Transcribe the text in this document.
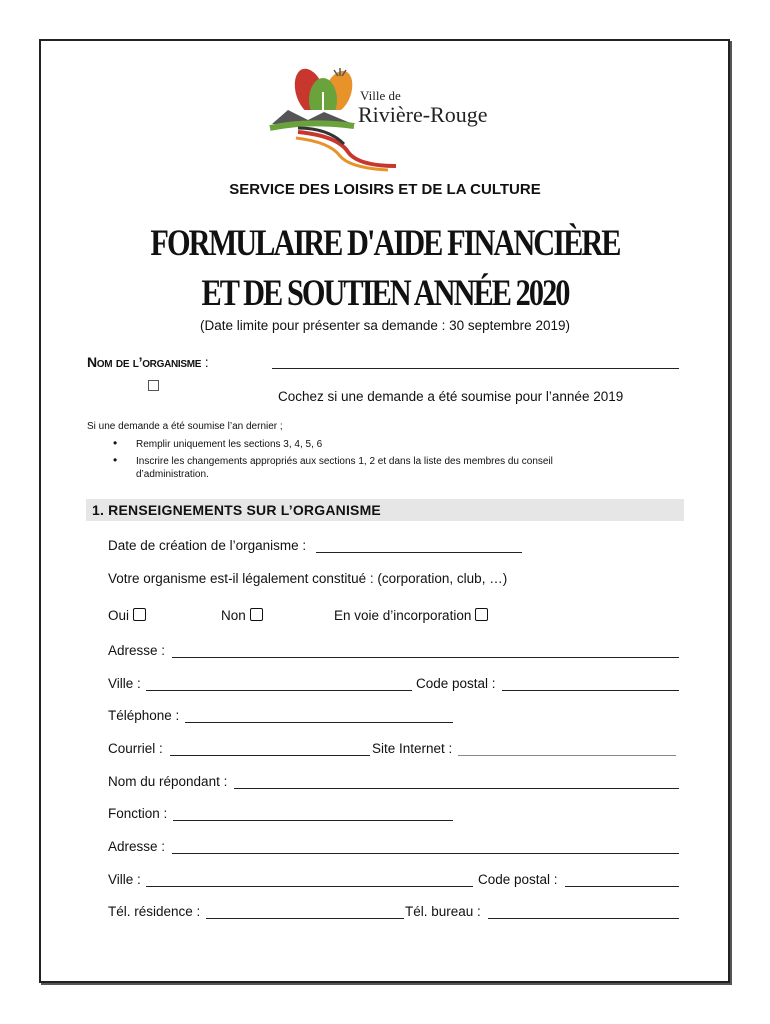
Ville de
Rivière-Rouge
SERVICE DES LOISIRS ET DE LA CULTURE
FORMULAIRE D'AIDE FINANCIÈRE
ET DE SOUTIEN ANNÉE 2020
(Date limite pour présenter sa demande : 30 septembre 2019)
Nom de l’organisme :
Cochez si une demande a été soumise pour l’année 2019
Si une demande a été soumise l’an dernier ;
• Remplir uniquement les sections 3, 4, 5, 6
• Inscrire les changements appropriés aux sections 1, 2 et dans la liste des membres du conseil d’administration.
1. RENSEIGNEMENTS SUR L’ORGANISME
Date de création de l’organisme :
Votre organisme est-il légalement constitué : (corporation, club, …)
Oui	Non	En voie d’incorporation
Adresse :
Ville :	Code postal :
Téléphone :
Courriel :	Site Internet :
Nom du répondant :
Fonction :
Adresse :
Ville :	Code postal :
Tél. résidence :	Tél. bureau :
